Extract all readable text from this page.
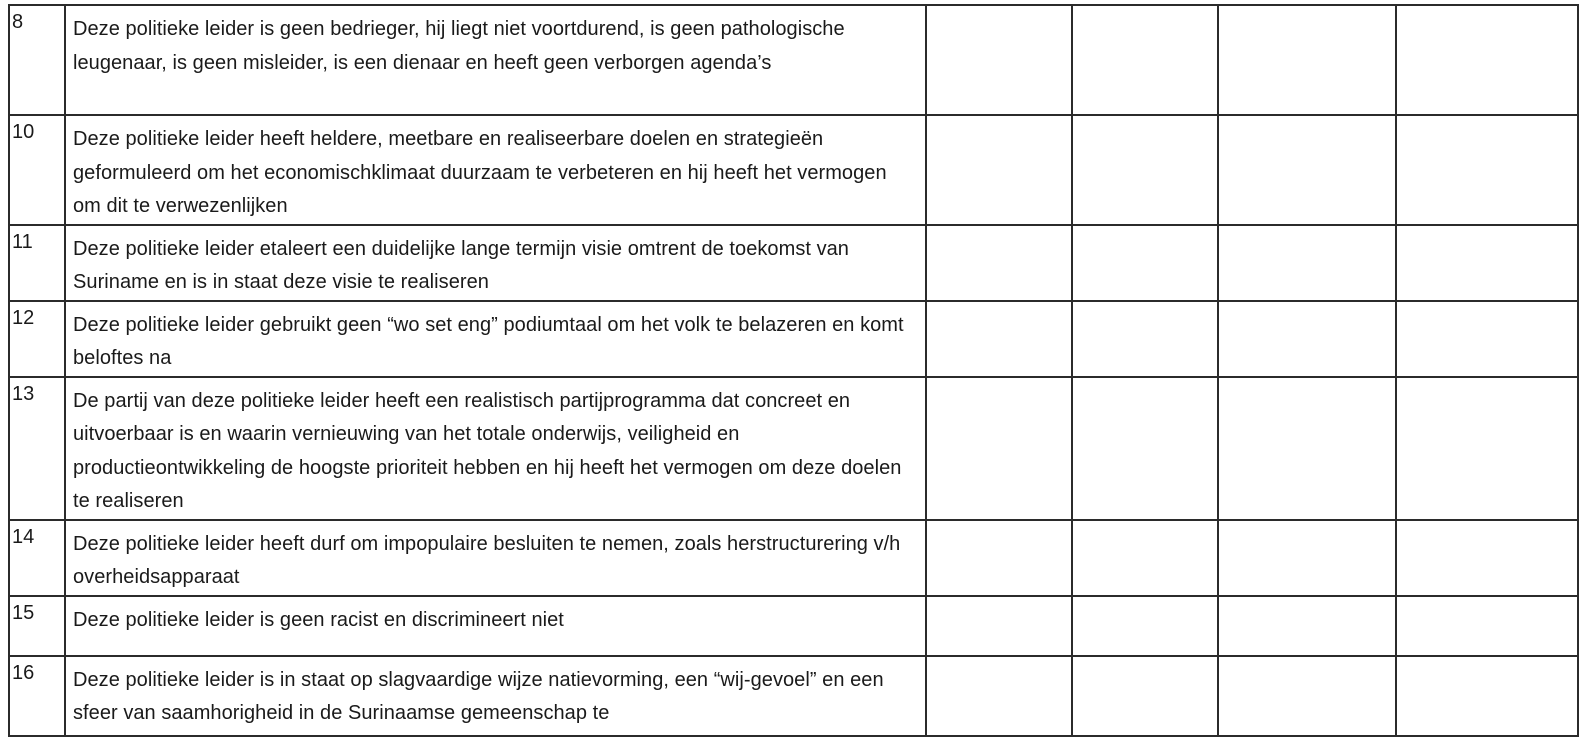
8	Deze politieke leider is geen bedrieger, hij liegt niet voortdurend, is geen pathologische leugenaar, is geen misleider, is een dienaar en heeft geen verborgen agenda’s				
10	Deze politieke leider heeft heldere, meetbare en realiseerbare doelen en strategieën geformuleerd om het economischklimaat duurzaam te verbeteren en hij heeft het vermogen om dit te verwezenlijken				
11	Deze politieke leider etaleert een duidelijke lange termijn visie omtrent de toekomst van Suriname en is in staat deze visie te realiseren				
12	Deze politieke leider gebruikt geen “wo set eng” podiumtaal om het volk te belazeren en komt beloftes na				
13	De partij van deze politieke leider heeft een realistisch partijprogramma dat concreet en uitvoerbaar is en waarin vernieuwing van het totale onderwijs, veiligheid en productieontwikkeling de hoogste prioriteit hebben en hij heeft het vermogen om deze doelen te realiseren				
14	Deze politieke leider heeft durf om impopulaire besluiten te nemen, zoals herstructurering v/h overheidsapparaat				
15	Deze politieke leider is geen racist en discrimineert niet				
16	Deze politieke leider is in staat op slagvaardige wijze natievorming, een “wij-gevoel” en een sfeer van saamhorigheid in de Surinaamse gemeenschap te				
